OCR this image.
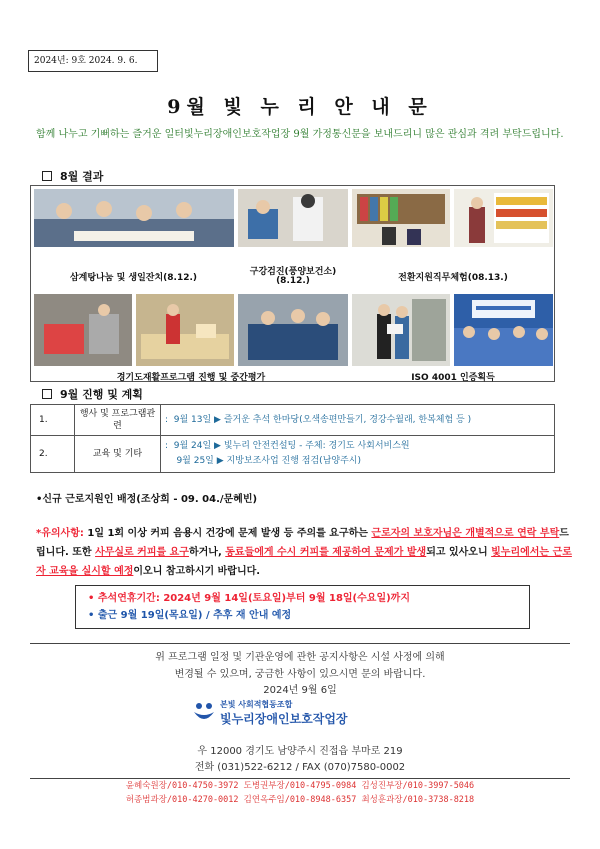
2024년: 9호 2024. 9. 6.
9월 빛 누 리 안 내 문
함께 나누고 기뻐하는 즐거운 일터빛누리장애인보호작업장 9월 가정통신문을 보내드리니 많은 관심과 격려 부탁드립니다.
8월 결과
삼계탕나눔 및 생일잔치(8.12.)
구강검진(풍양보건소)
(8.12.)	전환지원직무체험(08.13.)
경기도재활프로그램 진행 및 중간평가	ISO 4001 인증획득
9월 진행 및 계획
1.	행사 및 프로그램관련	:  9월 13일 ▶ 즐거운 추석 한마당(오색송편만들기, 경강수월래, 한복체험 등 )
2.	교육 및 기타	:  9월 24일 ▶ 빛누리 안전컨설팅 - 주체: 경기도 사회서비스원
9월 25일 ▶ 지방보조사업 진행 점검(남양주시)
•신규 근로지원인 배정(조상희 - 09. 04./문혜빈)
*유의사항: 1일 1회 이상 커피 음용시 건강에 문제 발생 등 주의를 요구하는 근로자의 보호자님은 개별적으로 연락 부탁드립니다. 또한 사무실로 커피를 요구하거나, 동료들에게 수시 커피를 제공하여 문제가 발생되고 있사오니 빛누리에서는 근로자 교육을 실시할 예정이오니 참고하시기 바랍니다.
• 추석연휴기간: 2024년 9월 14일(토요일)부터 9월 18일(수요일)까지
• 출근 9월 19일(목요일) / 추후 재 안내 예정
위 프로그램 일정 및 기관운영에 관한 공지사항은 시설 사정에 의해
변경될 수 있으며, 궁금한 사항이 있으시면 문의 바랍니다.
2024년 9월 6일
본빛 사회적협동조합
빛누리장애인보호작업장
우 12000 경기도 남양주시 진접읍 부마로 219
전화 (031)522-6212 / FAX (070)7580-0002
윤혜숙원장/010-4750-3972 도병권부장/010-4795-0984 김성진부장/010-3997-5046
허종범과장/010-4270-0012 김연옥주임/010-8948-6357 최성훈과장/010-3738-8218
